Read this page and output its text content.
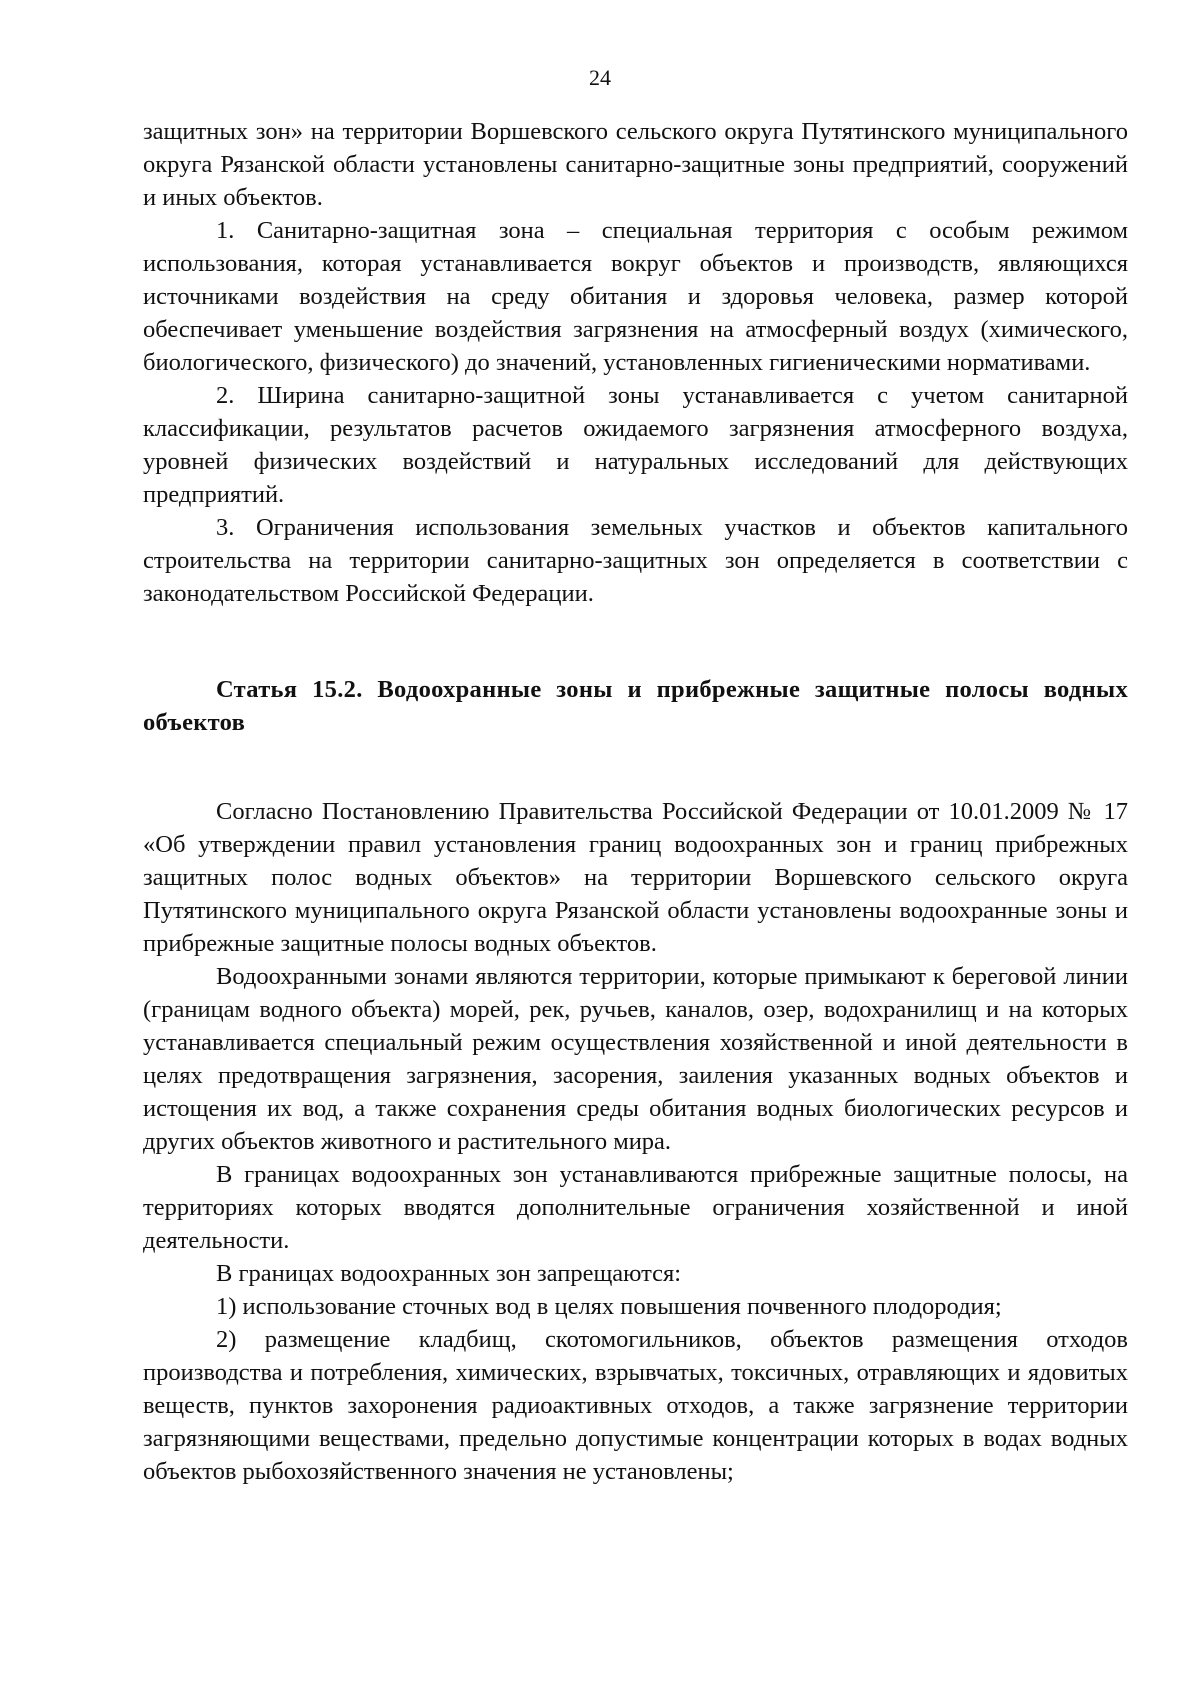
24

защитных зон» на территории Воршевского сельского округа Путятинского муниципального округа Рязанской области установлены санитарно-защитные зоны предприятий, сооружений и иных объектов.

1. Санитарно-защитная зона – специальная территория с особым режимом использования, которая устанавливается вокруг объектов и производств, являющихся источниками воздействия на среду обитания и здоровья человека, размер которой обеспечивает уменьшение воздействия загрязнения на атмосферный воздух (химического, биологического, физического) до значений, установленных гигиеническими нормативами.

2. Ширина санитарно-защитной зоны устанавливается с учетом санитарной классификации, результатов расчетов ожидаемого загрязнения атмосферного воздуха, уровней физических воздействий и натуральных исследований для действующих предприятий.

3. Ограничения использования земельных участков и объектов капитального строительства на территории санитарно-защитных зон определяется в соответствии с законодательством Российской Федерации.

Статья 15.2. Водоохранные зоны и прибрежные защитные полосы водных объектов

Согласно Постановлению Правительства Российской Федерации от 10.01.2009 № 17 «Об утверждении правил установления границ водоохранных зон и границ прибрежных защитных полос водных объектов» на территории Воршевского сельского округа Путятинского муниципального округа Рязанской области установлены водоохранные зоны и прибрежные защитные полосы водных объектов.

Водоохранными зонами являются территории, которые примыкают к береговой линии (границам водного объекта) морей, рек, ручьев, каналов, озер, водохранилищ и на которых устанавливается специальный режим осуществления хозяйственной и иной деятельности в целях предотвращения загрязнения, засорения, заиления указанных водных объектов и истощения их вод, а также сохранения среды обитания водных биологических ресурсов и других объектов животного и растительного мира.

В границах водоохранных зон устанавливаются прибрежные защитные полосы, на территориях которых вводятся дополнительные ограничения хозяйственной и иной деятельности.

В границах водоохранных зон запрещаются:

1) использование сточных вод в целях повышения почвенного плодородия;

2) размещение кладбищ, скотомогильников, объектов размещения отходов производства и потребления, химических, взрывчатых, токсичных, отравляющих и ядовитых веществ, пунктов захоронения радиоактивных отходов, а также загрязнение территории загрязняющими веществами, предельно допустимые концентрации которых в водах водных объектов рыбохозяйственного значения не установлены;
